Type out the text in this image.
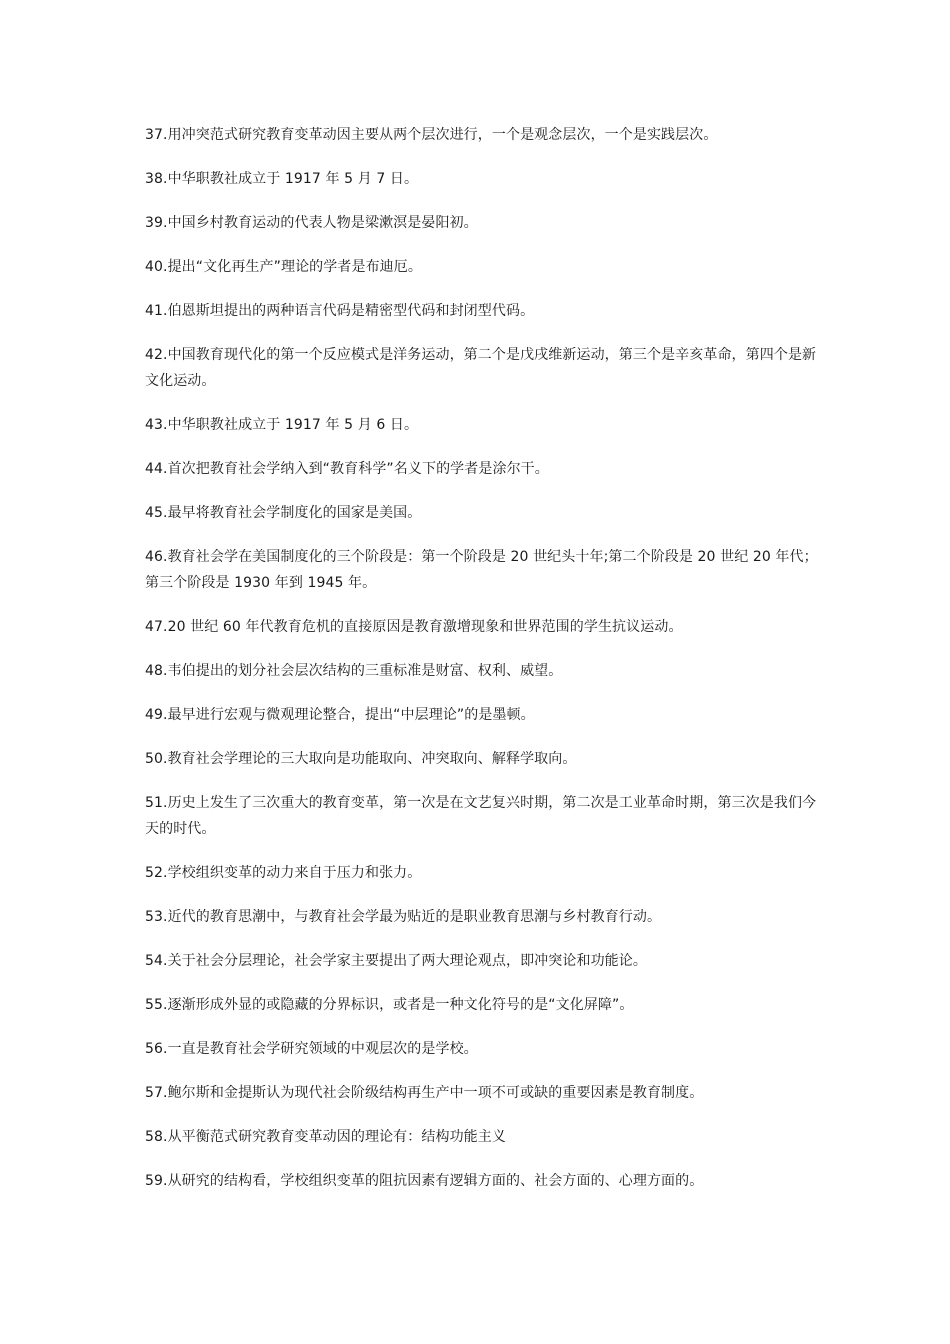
37.用冲突范式研究教育变革动因主要从两个层次进行，一个是观念层次，一个是实践层次。

38.中华职教社成立于 1917 年 5 月 7 日。

39.中国乡村教育运动的代表人物是梁漱溟是晏阳初。

40.提出“文化再生产”理论的学者是布迪厄。

41.伯恩斯坦提出的两种语言代码是精密型代码和封闭型代码。

42.中国教育现代化的第一个反应模式是洋务运动，第二个是戊戌维新运动，第三个是辛亥革命，第四个是新文化运动。

43.中华职教社成立于 1917 年 5 月 6 日。

44.首次把教育社会学纳入到“教育科学”名义下的学者是涂尔干。

45.最早将教育社会学制度化的国家是美国。

46.教育社会学在美国制度化的三个阶段是：第一个阶段是 20 世纪头十年;第二个阶段是 20 世纪 20 年代；第三个阶段是 1930 年到 1945 年。

47.20 世纪 60 年代教育危机的直接原因是教育激增现象和世界范围的学生抗议运动。

48.韦伯提出的划分社会层次结构的三重标准是财富、权利、威望。

49.最早进行宏观与微观理论整合，提出“中层理论”的是墨顿。

50.教育社会学理论的三大取向是功能取向、冲突取向、解释学取向。

51.历史上发生了三次重大的教育变革，第一次是在文艺复兴时期，第二次是工业革命时期，第三次是我们今天的时代。

52.学校组织变革的动力来自于压力和张力。

53.近代的教育思潮中，与教育社会学最为贴近的是职业教育思潮与乡村教育行动。

54.关于社会分层理论，社会学家主要提出了两大理论观点，即冲突论和功能论。

55.逐渐形成外显的或隐藏的分界标识，或者是一种文化符号的是“文化屏障”。

56.一直是教育社会学研究领域的中观层次的是学校。

57.鲍尔斯和金提斯认为现代社会阶级结构再生产中一项不可或缺的重要因素是教育制度。

58.从平衡范式研究教育变革动因的理论有：结构功能主义

59.从研究的结构看，学校组织变革的阻抗因素有逻辑方面的、社会方面的、心理方面的。
